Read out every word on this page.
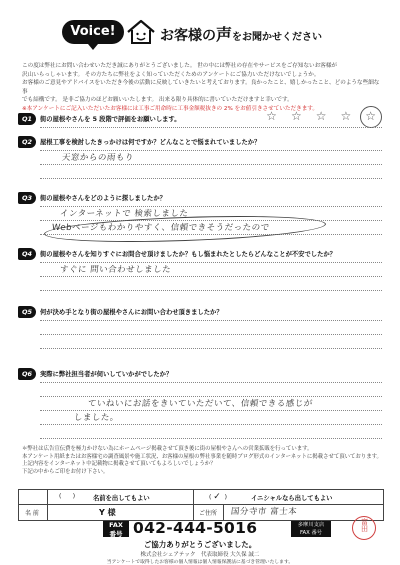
Voice!	お客様の声をお聞かせください
この度は弊社にお問い合わせいただき誠にありがとうございました。 世の中には弊社の存在やサービスをご存知ないお客様が
沢山いらっしゃいます。 その方たちに弊社をよく知っていただくためのアンケートにご協力いただけないでしょうか。
お客様のご意見やアドバイスをいただき今後の活動に反映していきたいと考えております。良かったこと、嬉しかったこと、どのような些細な事
でも結構です。 是非ご協力のほどお願いいたします。 出来る限り具体的に書いていただけますと幸いです。
※本アンケートにご記入いただいたお客様には工事ご用命時に工事金額税抜きの 2% をお値引きさせていただきます。
Q1	街の屋根やさんを 5 段階で評価をお願いします。	☆ ☆ ☆ ☆ ☆
Q2	屋根工事を検討したきっかけは何ですか？どんなことで悩まれていましたか？
天窓からの雨もり
Q3	街の屋根やさんをどのように探しましたか？
インターネットで 検索しました
Webページもわかりやすく、信頼できそうだったので
Q4	街の屋根やさんを知りすぐにお問合せ頂けましたか？もし悩まれたとしたらどんなことが不安でしたか？
すぐに 問い合わせしました
Q5	何が決め手となり街の屋根やさんにお問い合わせ頂きましたか？
Q6	実際に弊社担当者が伺いしていかがでしたか？
ていねいにお話をきいていただいて、信頼できる感じが
しました。
＊弊社は広告宣伝費を極力かけない為にホームページ掲載させて頂き後に街の屋根やさんへの営業拡販を行っています。
本アンケート用紙またはお客様宅の調査風景や施工状況、お客様の屋根の弊社事業を随時ブログ形式のインターネットに掲載させて頂いております。
上記内容をインターネット中記載物に掲載させて頂いてもよろしいでしょうか？
下記の中からご印をお付け下さい。
(      )	名前を出してもよい	( ✓  )	イニシャルなら出してもよい
名 前	Y 様	ご住所 国分寺市 富士本
FAX
番号 042-444-5016	多摩川支店
FAX 番号
富田
ご協力ありがとうございました。
株式会社シェアテック　代表取締役 大久保 誠二
当アンケートで取得したお客様の個人情報は個人情報保護法に基づき管理いたします。
